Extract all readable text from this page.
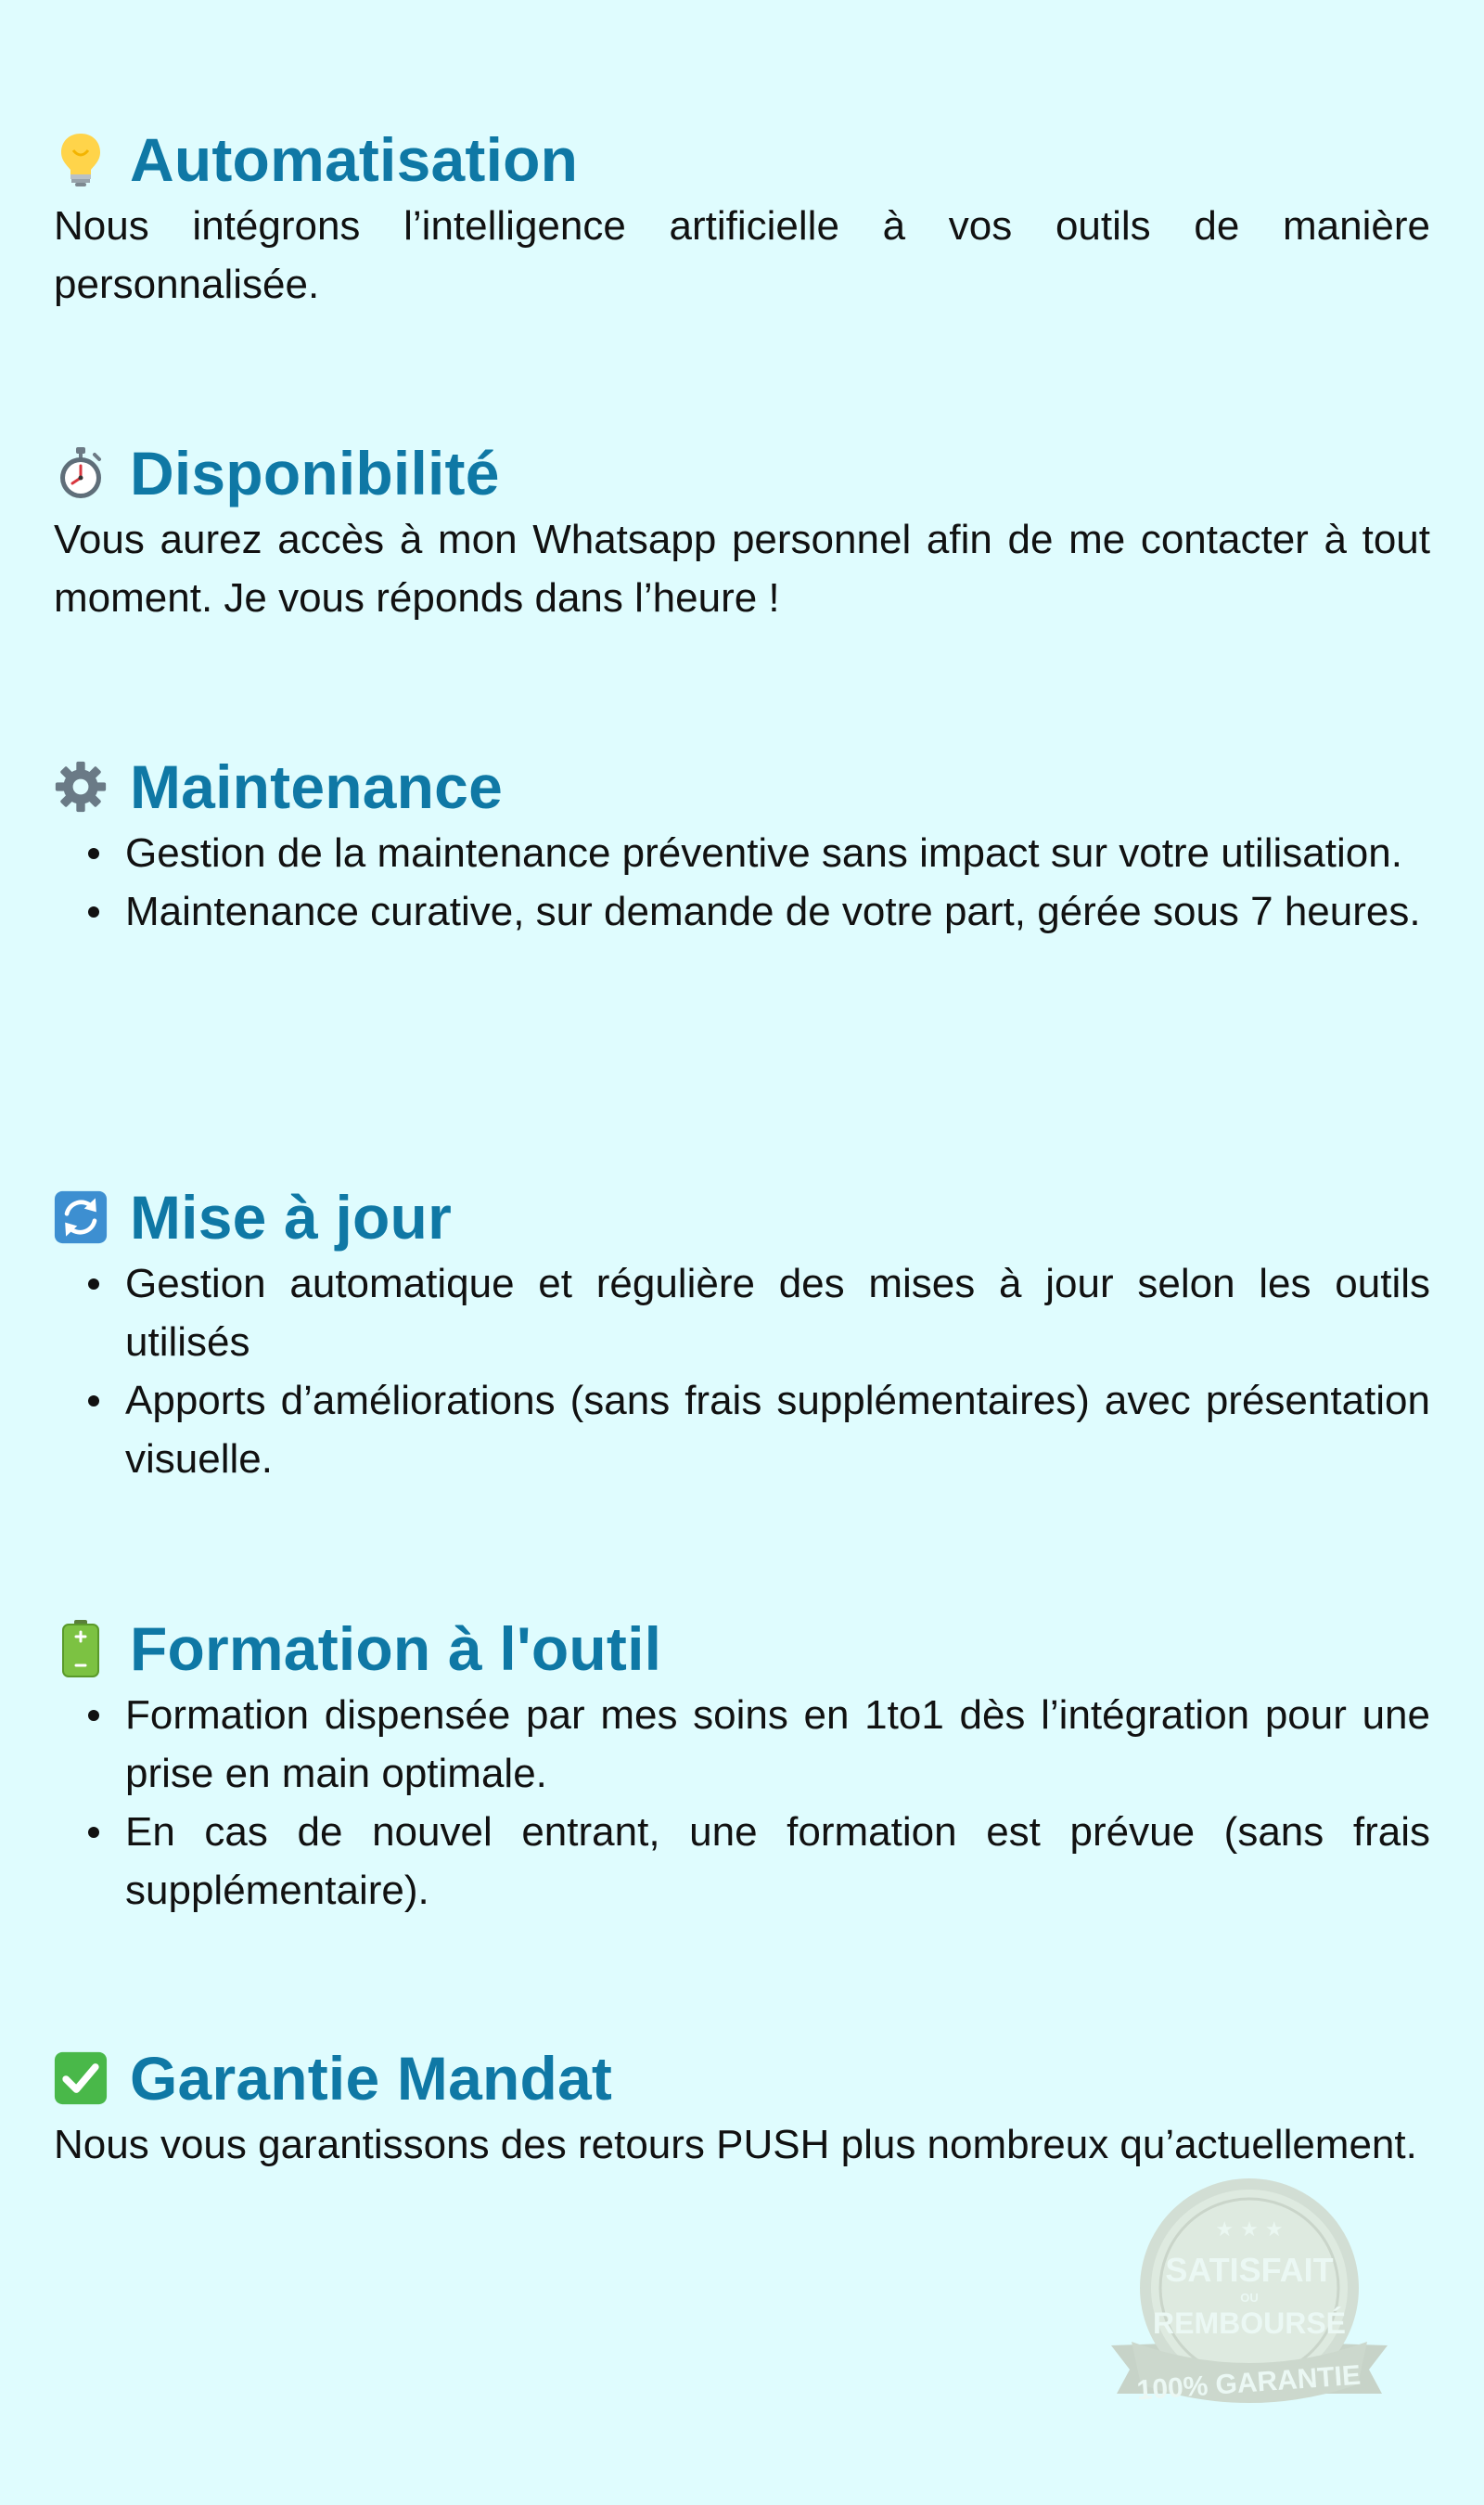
Automatisation

Nous intégrons l’intelligence artificielle à vos outils de manière personnalisée.

Disponibilité

Vous aurez accès à mon Whatsapp personnel afin de me contacter à tout moment. Je vous réponds dans l’heure !

Maintenance
Gestion de la maintenance préventive sans impact sur votre utilisation.
Maintenance curative, sur demande de votre part, gérée sous 7 heures.
Mise à jour
Gestion automatique et régulière des mises à jour selon les outils utilisés
Apports d’améliorations (sans frais supplémentaires) avec présentation visuelle.
Formation à l'outil
Formation dispensée par mes soins en 1to1 dès l’intégration pour une prise en main optimale.
En cas de nouvel entrant, une formation est prévue (sans frais supplémentaire).
Garantie Mandat

Nous vous garantissons des retours PUSH plus nombreux qu’actuellement.

★ ★ ★
SATISFAIT
OU
REMBOURSÉ
100% GARANTIE
